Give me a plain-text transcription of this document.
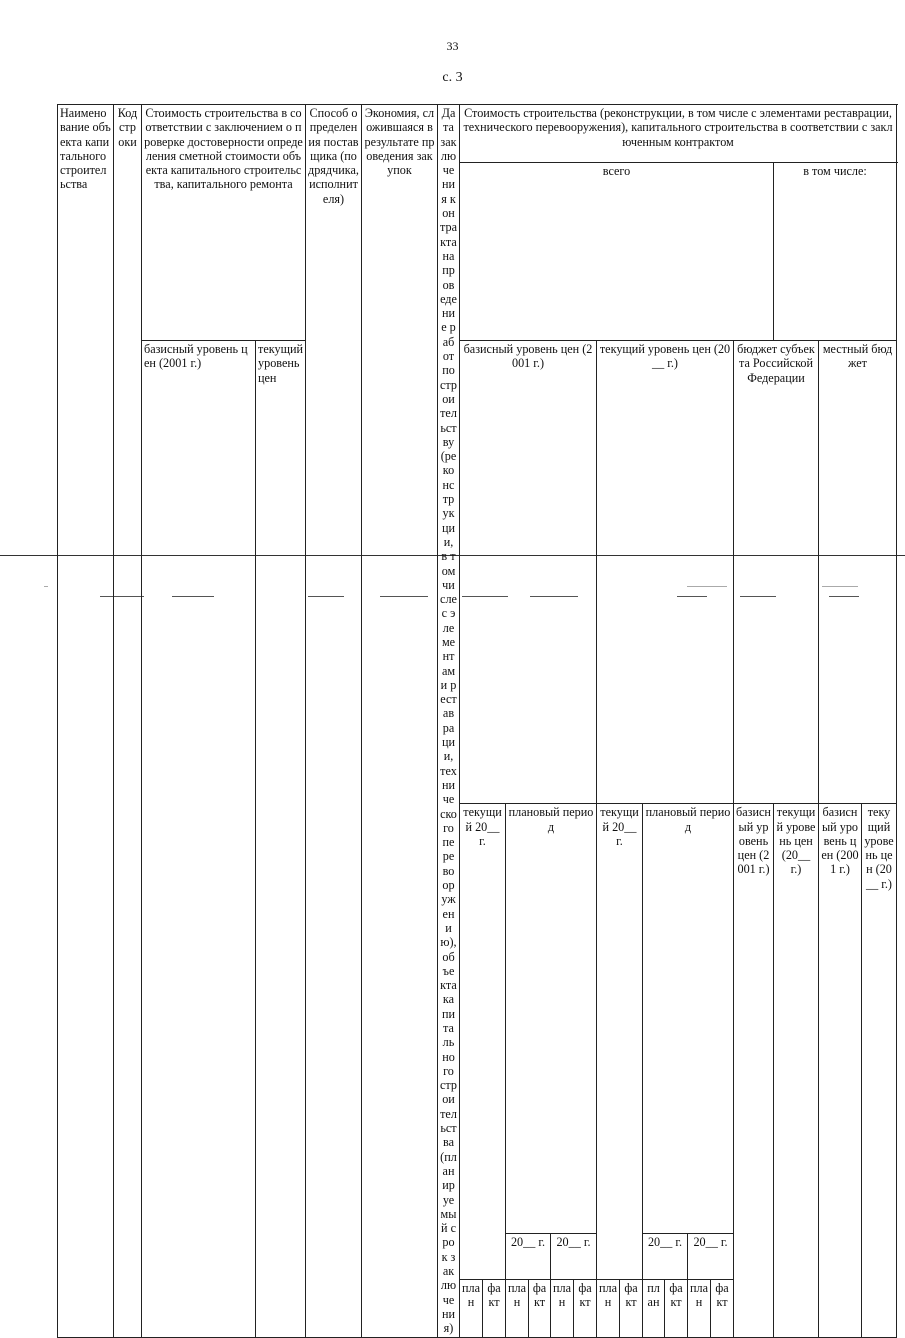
33
с. 3
Наименование объекта капитального строительства	Код строки	Стоимость строительства в соответствии с заключением о проверке достоверности определения сметной стоимости объекта капитального строительства, капитального ремонта		Способ определения поставщика (подрядчика, исполнителя)	Экономия, сложившаяся в результате проведения закупок	Дата заключения контракта на проведение работ по строительству (реконструкции, в том числе с элементами реставрации, технического перевооружению), объекта капитального строительства (планируемый срок заключения)	Стоимость строительства (реконструкции, в том числе с элементами реставрации, технического перевооружения), капитального строительства в соответствии с заключенным контрактом															
							всего													в том числе:		
		базисный уровень цен (2001 г.)	текущий уровень цен				базисный уровень цен (2001 г.)						текущий уровень цен (20__ г.)						бюджет субъекта Российской Федерации		местный бюджет	
							текущий 20__ г.		плановый период				текущий 20__ г.		плановый период				базисный уровень цен (2001 г.)	текущий уровень цен (20__ г.)	базисный уровень цен (2001 г.)	текущий уровень цен (20__ г.)
									20__ г.		20__ г.				20__ г.		20__ г.					
							план	факт	план	факт	план	факт	план	факт	план	факт	план	факт				
